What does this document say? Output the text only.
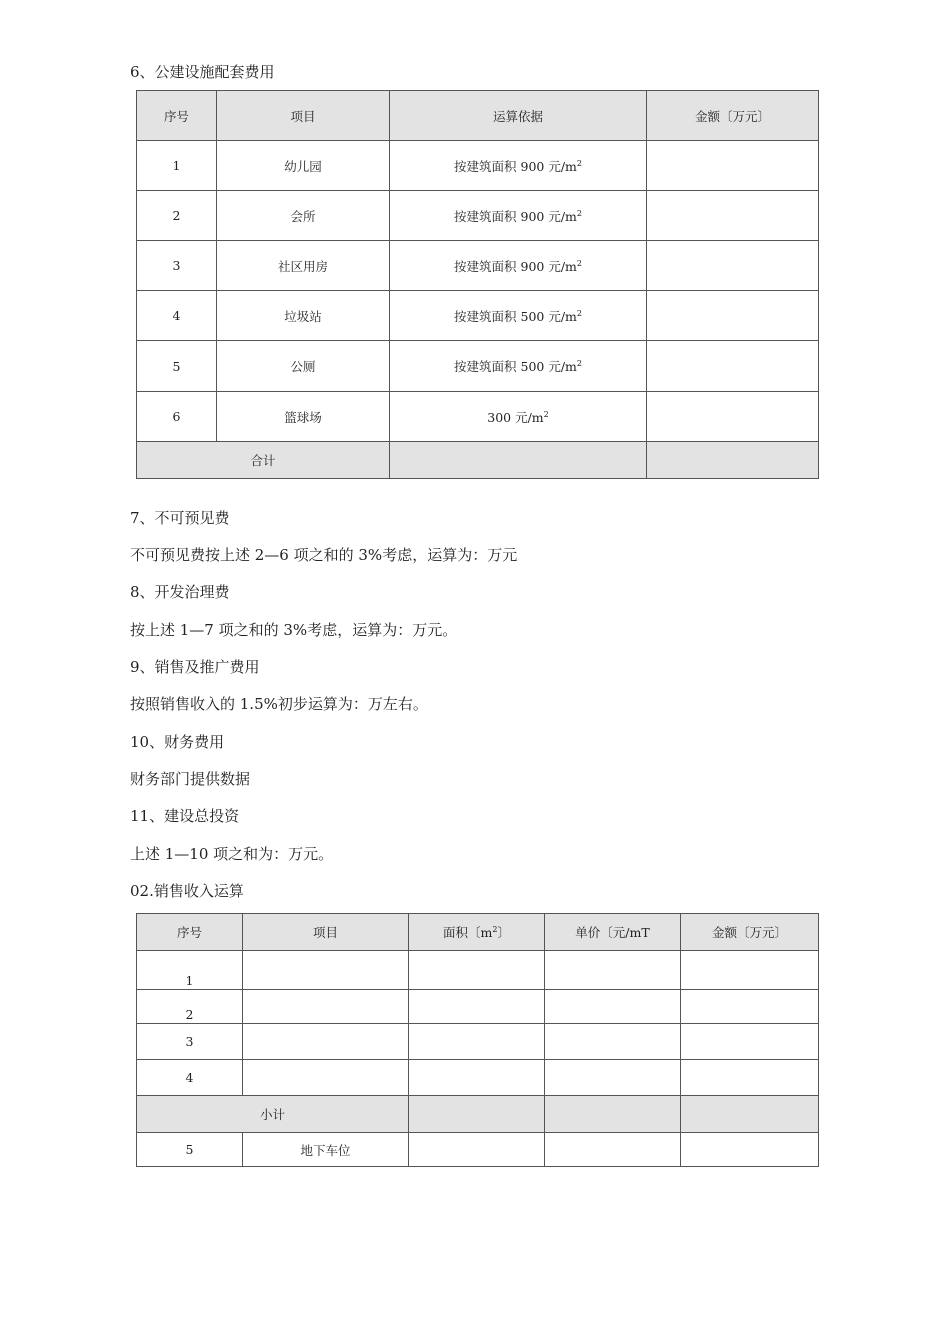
6、公建设施配套费用
序号	项目	运算依据	金额〔万元〕
1	幼儿园	按建筑面积 900 元$/m^2$	
2	会所	按建筑面积 900 元$/m^2$	
3	社区用房	按建筑面积 900 元$/m^2$	
4	垃圾站	按建筑面积 500 元$/m^2$	
5	公厕	按建筑面积 500 元$/m^2$	
6	篮球场	300 元$/m^2$	
合计			
7、不可预见费
不可预见费按上述 2—6 项之和的 3%考虑，运算为：万元
8、开发治理费
按上述 1—7 项之和的 3%考虑，运算为：万元。
9、销售及推广费用
按照销售收入的 1.5%初步运算为：万左右。
10、财务费用
财务部门提供数据
11、建设总投资
上述 1—10 项之和为：万元。
02.销售收入运算
序号	项目	面积〔$m^2$〕	单价〔元/mT	金额〔万元〕
1				
2				
3				
4				
小计				
5	地下车位			
